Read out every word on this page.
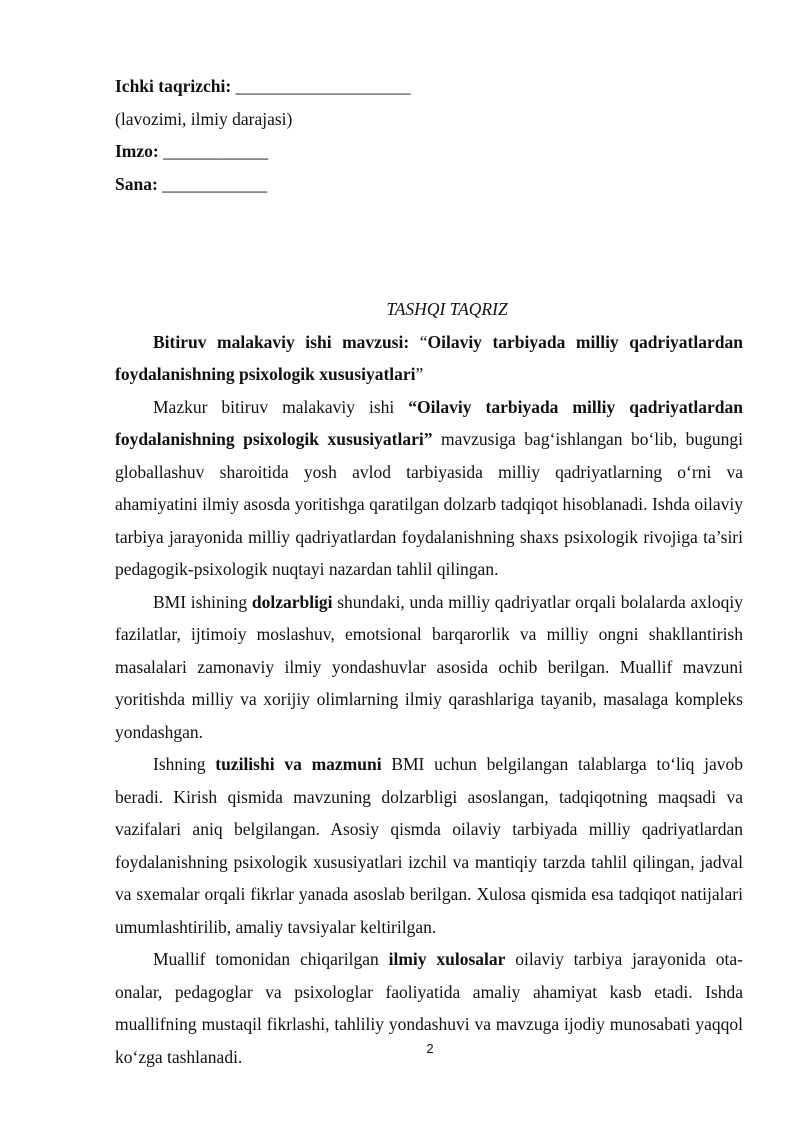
Ichki taqrizchi: ____________________

(lavozimi, ilmiy darajasi)

Imzo: ____________

Sana: ____________

TASHQI TAQRIZ

Bitiruv malakaviy ishi mavzusi: “Oilaviy tarbiyada milliy qadriyatlardan foydalanishning psixologik xususiyatlari”

Mazkur bitiruv malakaviy ishi “Oilaviy tarbiyada milliy qadriyatlardan foydalanishning psixologik xususiyatlari” mavzusiga bag‘ishlangan bo‘lib, bugungi globallashuv sharoitida yosh avlod tarbiyasida milliy qadriyatlarning o‘rni va ahamiyatini ilmiy asosda yoritishga qaratilgan dolzarb tadqiqot hisoblanadi. Ishda oilaviy tarbiya jarayonida milliy qadriyatlardan foydalanishning shaxs psixologik rivojiga ta’siri pedagogik-psixologik nuqtayi nazardan tahlil qilingan.

BMI ishining dolzarbligi shundaki, unda milliy qadriyatlar orqali bolalarda axloqiy fazilatlar, ijtimoiy moslashuv, emotsional barqarorlik va milliy ongni shakllantirish masalalari zamonaviy ilmiy yondashuvlar asosida ochib berilgan. Muallif mavzuni yoritishda milliy va xorijiy olimlarning ilmiy qarashlariga tayanib, masalaga kompleks yondashgan.

Ishning tuzilishi va mazmuni BMI uchun belgilangan talablarga to‘liq javob beradi. Kirish qismida mavzuning dolzarbligi asoslangan, tadqiqotning maqsadi va vazifalari aniq belgilangan. Asosiy qismda oilaviy tarbiyada milliy qadriyatlardan foydalanishning psixologik xususiyatlari izchil va mantiqiy tarzda tahlil qilingan, jadval va sxemalar orqali fikrlar yanada asoslab berilgan. Xulosa qismida esa tadqiqot natijalari umumlashtirilib, amaliy tavsiyalar keltirilgan.

Muallif tomonidan chiqarilgan ilmiy xulosalar oilaviy tarbiya jarayonida ota-onalar, pedagoglar va psixologlar faoliyatida amaliy ahamiyat kasb etadi. Ishda muallifning mustaqil fikrlashi, tahliliy yondashuvi va mavzuga ijodiy munosabati yaqqol ko‘zga tashlanadi.	2
